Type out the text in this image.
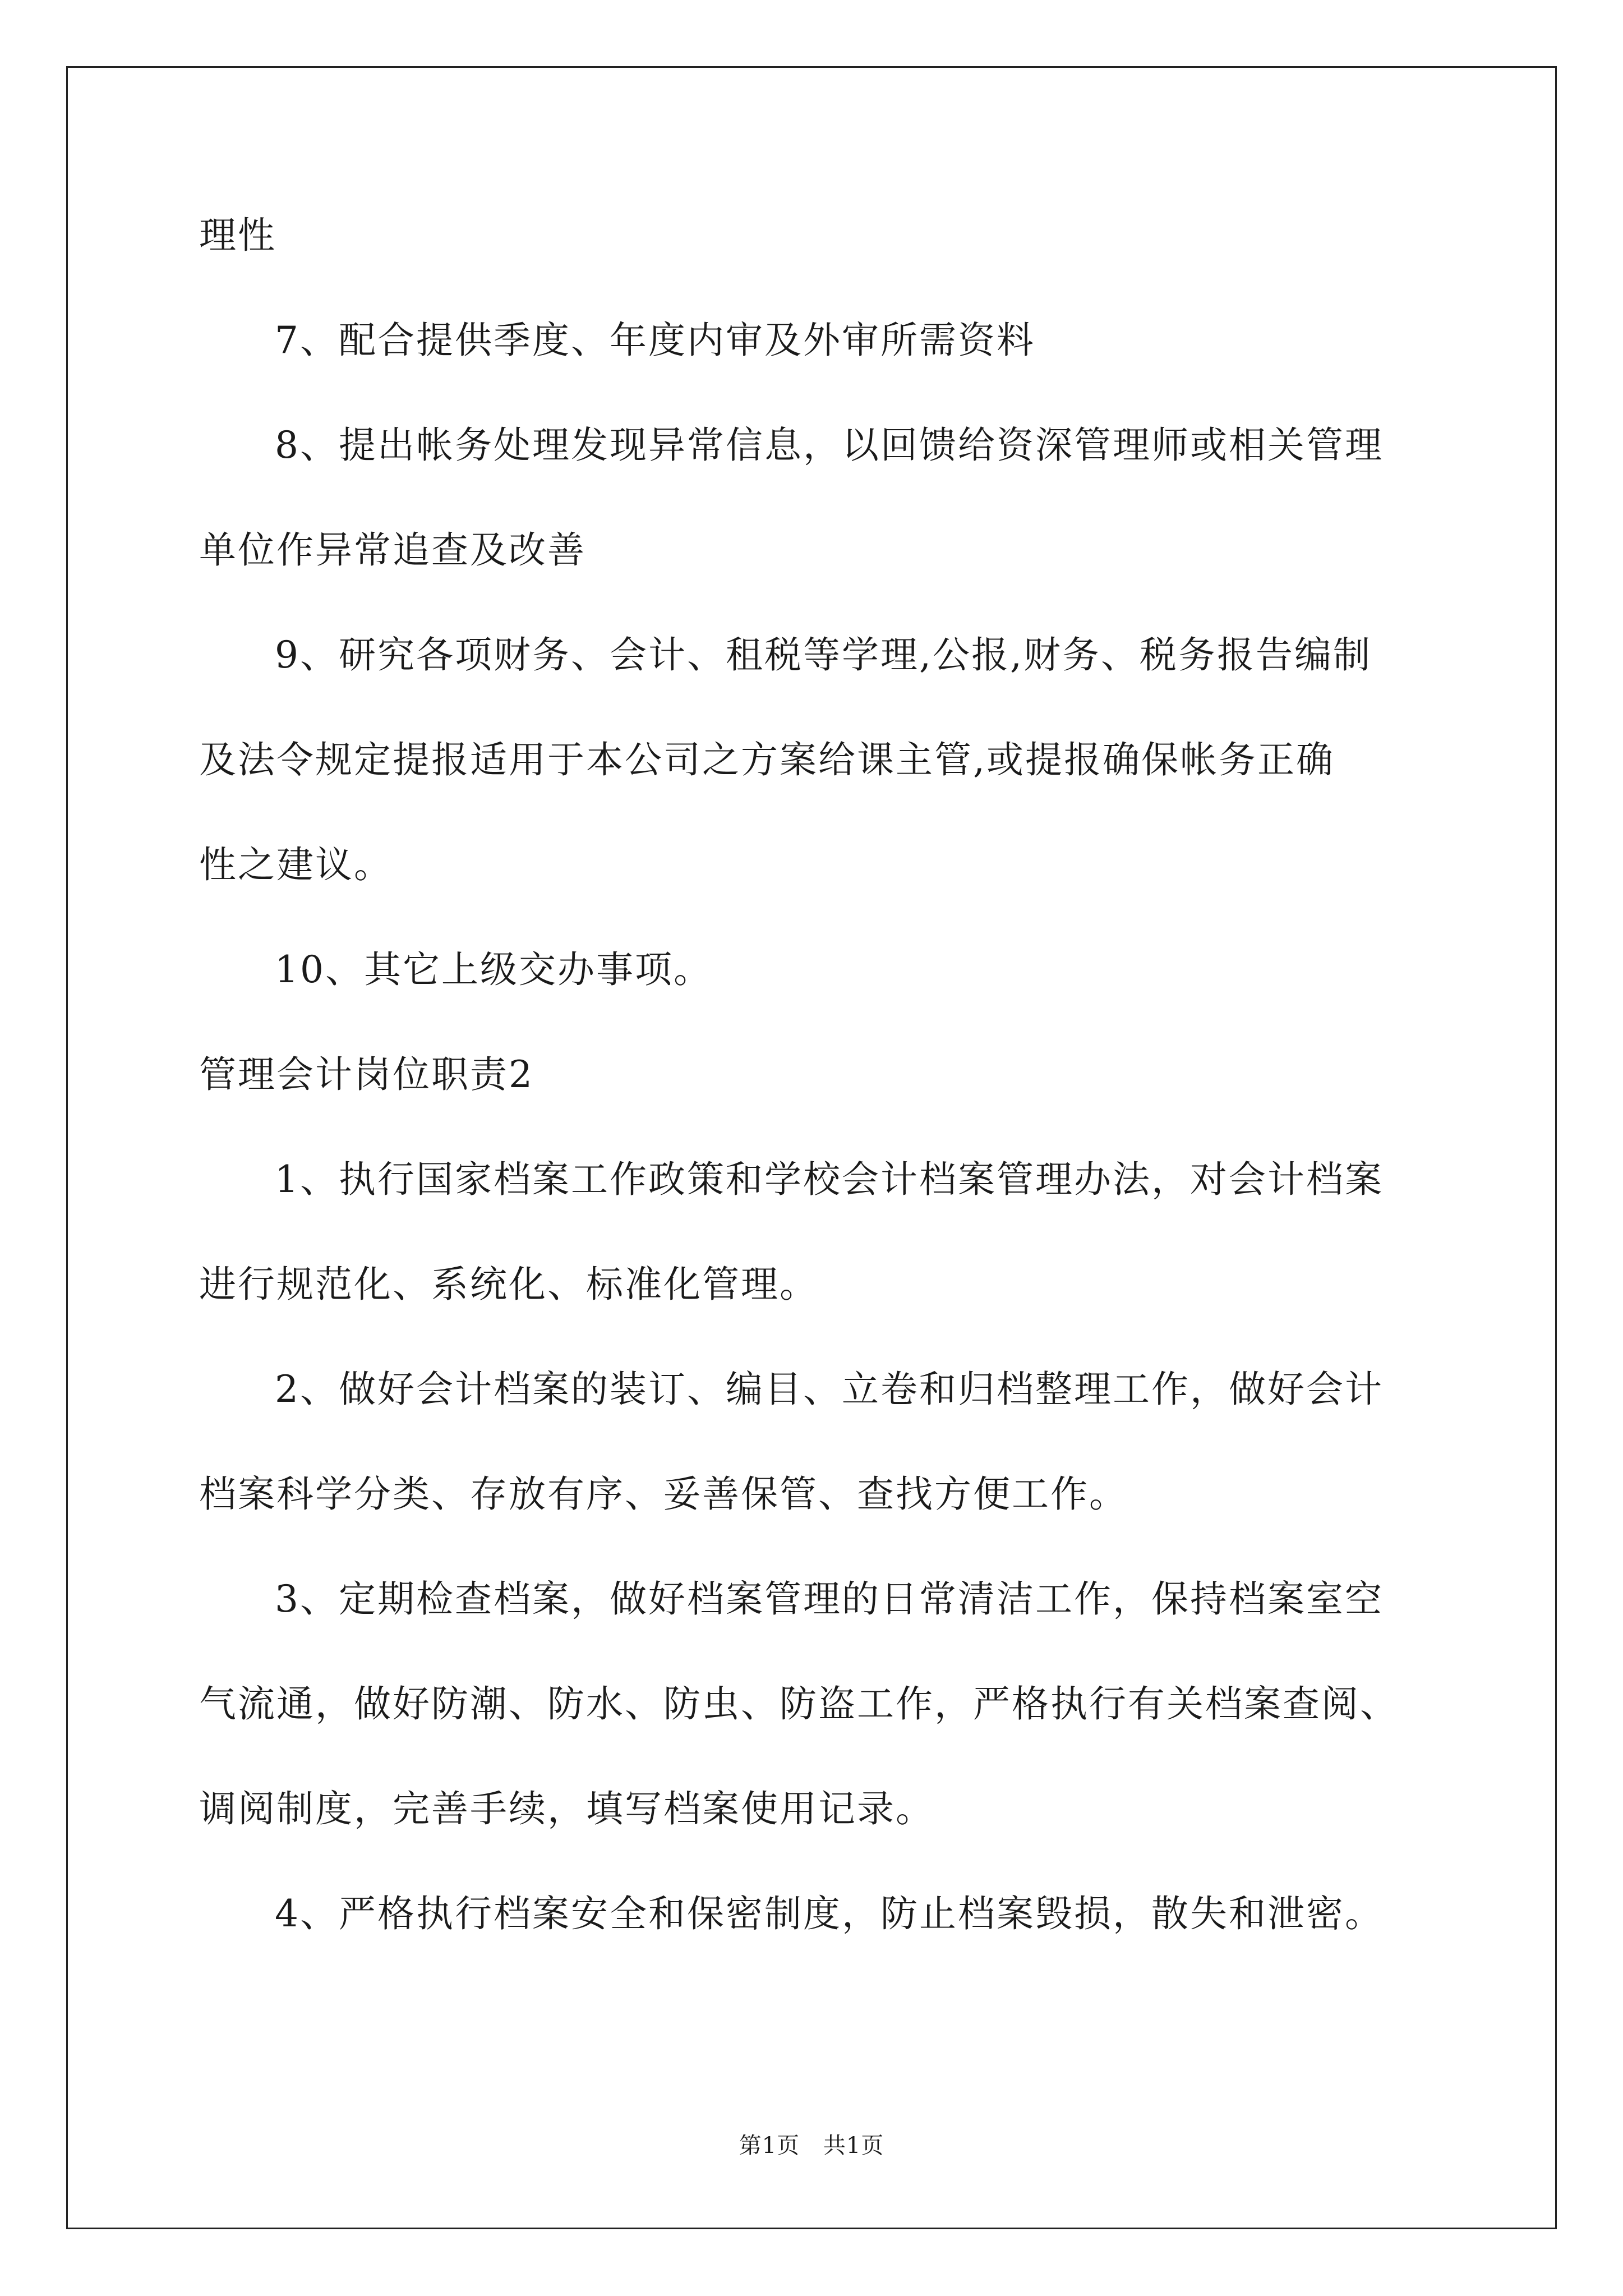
理性
7、配合提供季度、年度内审及外审所需资料
8、提出帐务处理发现异常信息，以回馈给资深管理师或相关管理
单位作异常追查及改善
9、研究各项财务、会计、租税等学理,公报,财务、税务报告编制
及法令规定提报适用于本公司之方案给课主管,或提报确保帐务正确
性之建议。
10、其它上级交办事项。
管理会计岗位职责2
1、执行国家档案工作政策和学校会计档案管理办法，对会计档案
进行规范化、系统化、标准化管理。
2、做好会计档案的装订、编目、立卷和归档整理工作，做好会计
档案科学分类、存放有序、妥善保管、查找方便工作。
3、定期检查档案，做好档案管理的日常清洁工作，保持档案室空
气流通，做好防潮、防水、防虫、防盗工作，严格执行有关档案查阅、
调阅制度，完善手续，填写档案使用记录。
4、严格执行档案安全和保密制度，防止档案毁损，散失和泄密。
第1页 共1页
